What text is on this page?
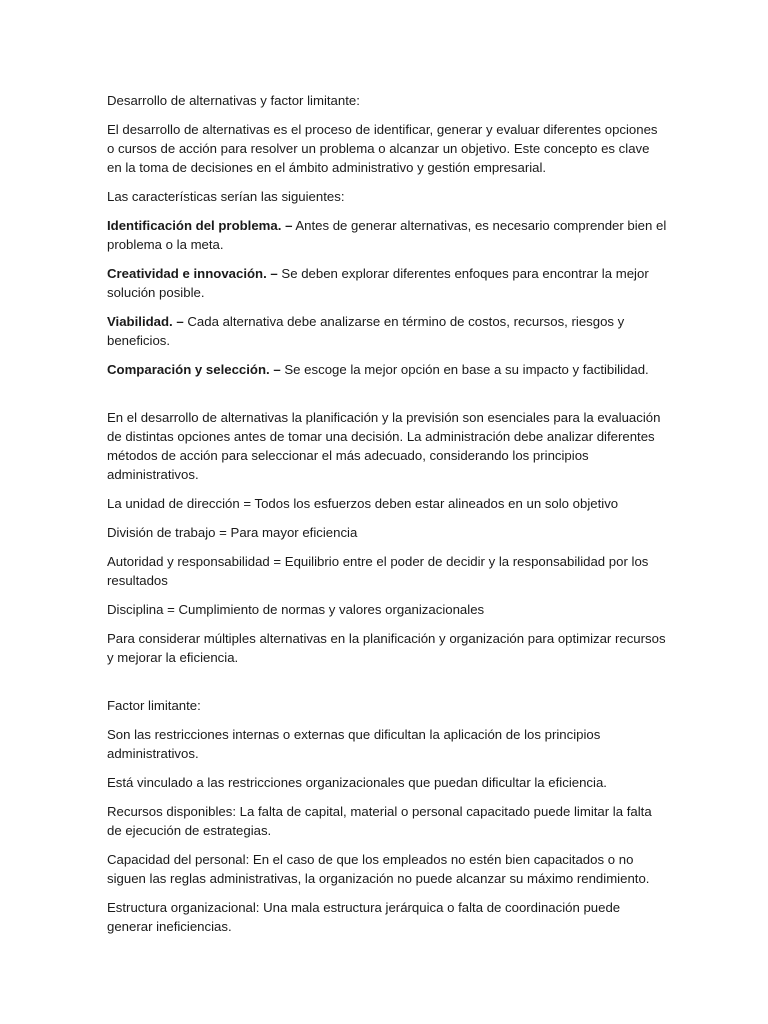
Desarrollo de alternativas y factor limitante:

El desarrollo de alternativas es el proceso de identificar, generar y evaluar diferentes opciones o cursos de acción para resolver un problema o alcanzar un objetivo. Este concepto es clave en la toma de decisiones en el ámbito administrativo y gestión empresarial.

Las características serían las siguientes:

Identificación del problema. – Antes de generar alternativas, es necesario comprender bien el problema o la meta.

Creatividad e innovación. – Se deben explorar diferentes enfoques para encontrar la mejor solución posible.

Viabilidad. – Cada alternativa debe analizarse en término de costos, recursos, riesgos y beneficios.

Comparación y selección. – Se escoge la mejor opción en base a su impacto y factibilidad.

En el desarrollo de alternativas la planificación y la previsión son esenciales para la evaluación de distintas opciones antes de tomar una decisión. La administración debe analizar diferentes métodos de acción para seleccionar el más adecuado, considerando los principios administrativos.

La unidad de dirección = Todos los esfuerzos deben estar alineados en un solo objetivo

División de trabajo = Para mayor eficiencia

Autoridad y responsabilidad = Equilibrio entre el poder de decidir y la responsabilidad por los resultados

Disciplina = Cumplimiento de normas y valores organizacionales

Para considerar múltiples alternativas en la planificación y organización para optimizar recursos y mejorar la eficiencia.

Factor limitante:

Son las restricciones internas o externas que dificultan la aplicación de los principios administrativos.

Está vinculado a las restricciones organizacionales que puedan dificultar la eficiencia.

Recursos disponibles: La falta de capital, material o personal capacitado puede limitar la falta de ejecución de estrategias.

Capacidad del personal: En el caso de que los empleados no estén bien capacitados o no siguen las reglas administrativas, la organización no puede alcanzar su máximo rendimiento.

Estructura organizacional: Una mala estructura jerárquica o falta de coordinación puede generar ineficiencias.
